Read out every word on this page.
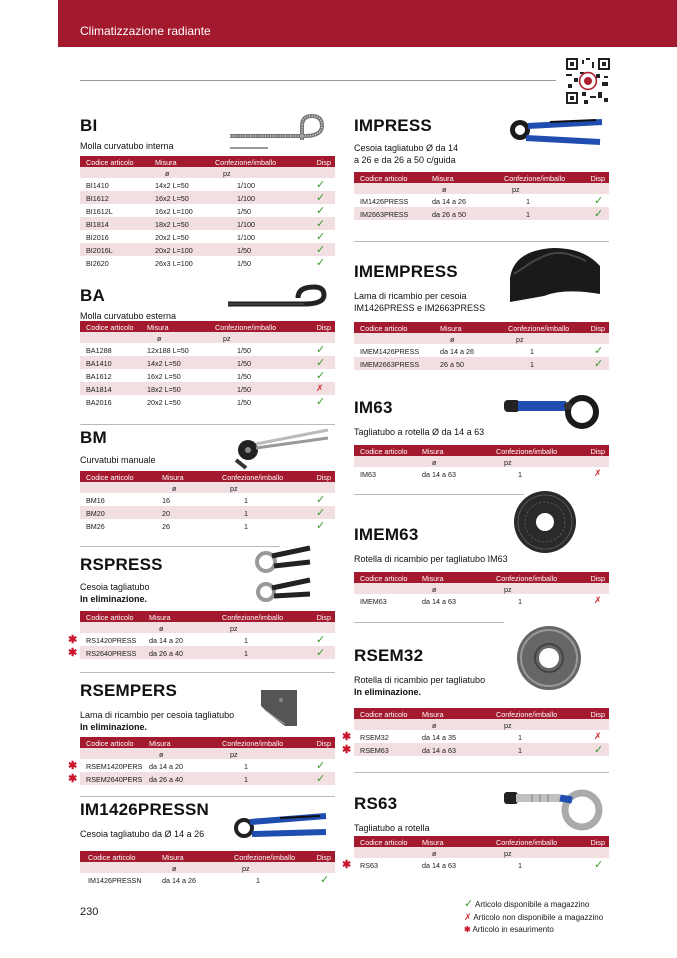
Climatizzazione radiante
BI
Molla curvatubo interna
Codice articolo	Misura	Confezione/imballo	Disp
ø	pz
BI1410	14x2 L=50	1/100	✓
BI1612	16x2 L=50	1/100	✓
BI1612L	16x2 L=100	1/50	✓
BI1814	18x2 L=50	1/100	✓
BI2016	20x2 L=50	1/100	✓
BI2016L	20x2 L=100	1/50	✓
BI2620	26x3 L=100	1/50	✓
BA
Molla curvatubo esterna
Codice articolo Misura	Confezione/imballo	Disp
ø	pz
BA1288	12x188 L=50	1/50	✓
BA1410	14x2 L=50	1/50	✓
BA1612	16x2 L=50	1/50	✓
BA1814	18x2 L=50	1/50	✗
BA2016	20x2 L=50	1/50	✓
BM
Curvatubi manuale
Codice articolo	Misura	Confezione/imballo	Disp
ø	pz
BM16	16	1	✓
BM20	20	1	✓
BM26	26	1	✓
RSPRESS
Cesoia tagliatubo
In eliminazione.
Codice articolo Misura	Confezione/imballo	Disp
ø	pz
RS1420PRESS da 14 a 20	1	✓
✱
RS2640PRESS da 26 a 40	1	✓
✱
RSEMPERS
Lama di ricambio per cesoia tagliatubo In eliminazione.
Codice articolo Misura	Confezione/imballo	Disp
ø	pz
RSEM1420PERS da 14 a 20	1	✓
✱
RSEM2640PERS da 26 a 40	1	✓
✱
IM1426PRESSN
Cesoia tagliatubo da Ø 14 a 26
Codice articolo	Misura	Confezione/imballo	Disp
ø	pz
IM1426PRESSN	da 14 a 26	1	✓
IMPRESS
Cesoia tagliatubo Ø da 14
a 26 e da 26 a 50 c/guida
Codice articolo	Misura	Confezione/imballo	Disp
ø	pz
IM1426PRESS	da 14 a 26	1	✓
IM2663PRESS	da 26 a 50	1	✓
IMEMPRESS
Lama di ricambio per cesoia
IM1426PRESS e IM2663PRESS
Codice articolo	Misura	Confezione/imballo	Disp
ø	pz
IMEM1426PRESS	da 14 a 26	1	✓
IMEM2663PRESS	26 a 50	1	✓
IM63
Tagliatubo a rotella Ø da 14 a 63
Codice articolo Misura	Confezione/imballo	Disp
ø	pz
IM63	da 14 a 63	1	✗
IMEM63
Rotella di ricambio per tagliatubo IM63
Codice articolo Misura	Confezione/imballo	Disp
ø	pz
IMEM63	da 14 a 63	1	✗
RSEM32
Rotella di ricambio per tagliatubo
In eliminazione.
Codice articolo Misura	Confezione/imballo	Disp
ø	pz
RSEM32	da 14 a 35	1	✗
✱
RSEM63	da 14 a 63	1	✓
✱
RS63
Tagliatubo a rotella
Codice articolo Misura	Confezione/imballo	Disp
ø	pz
RS63	da 14 a 63	1	✓
✱
230
✓ Articolo disponibile a magazzino
✗ Articolo non disponibile a magazzino
✱ Articolo in esaurimento
